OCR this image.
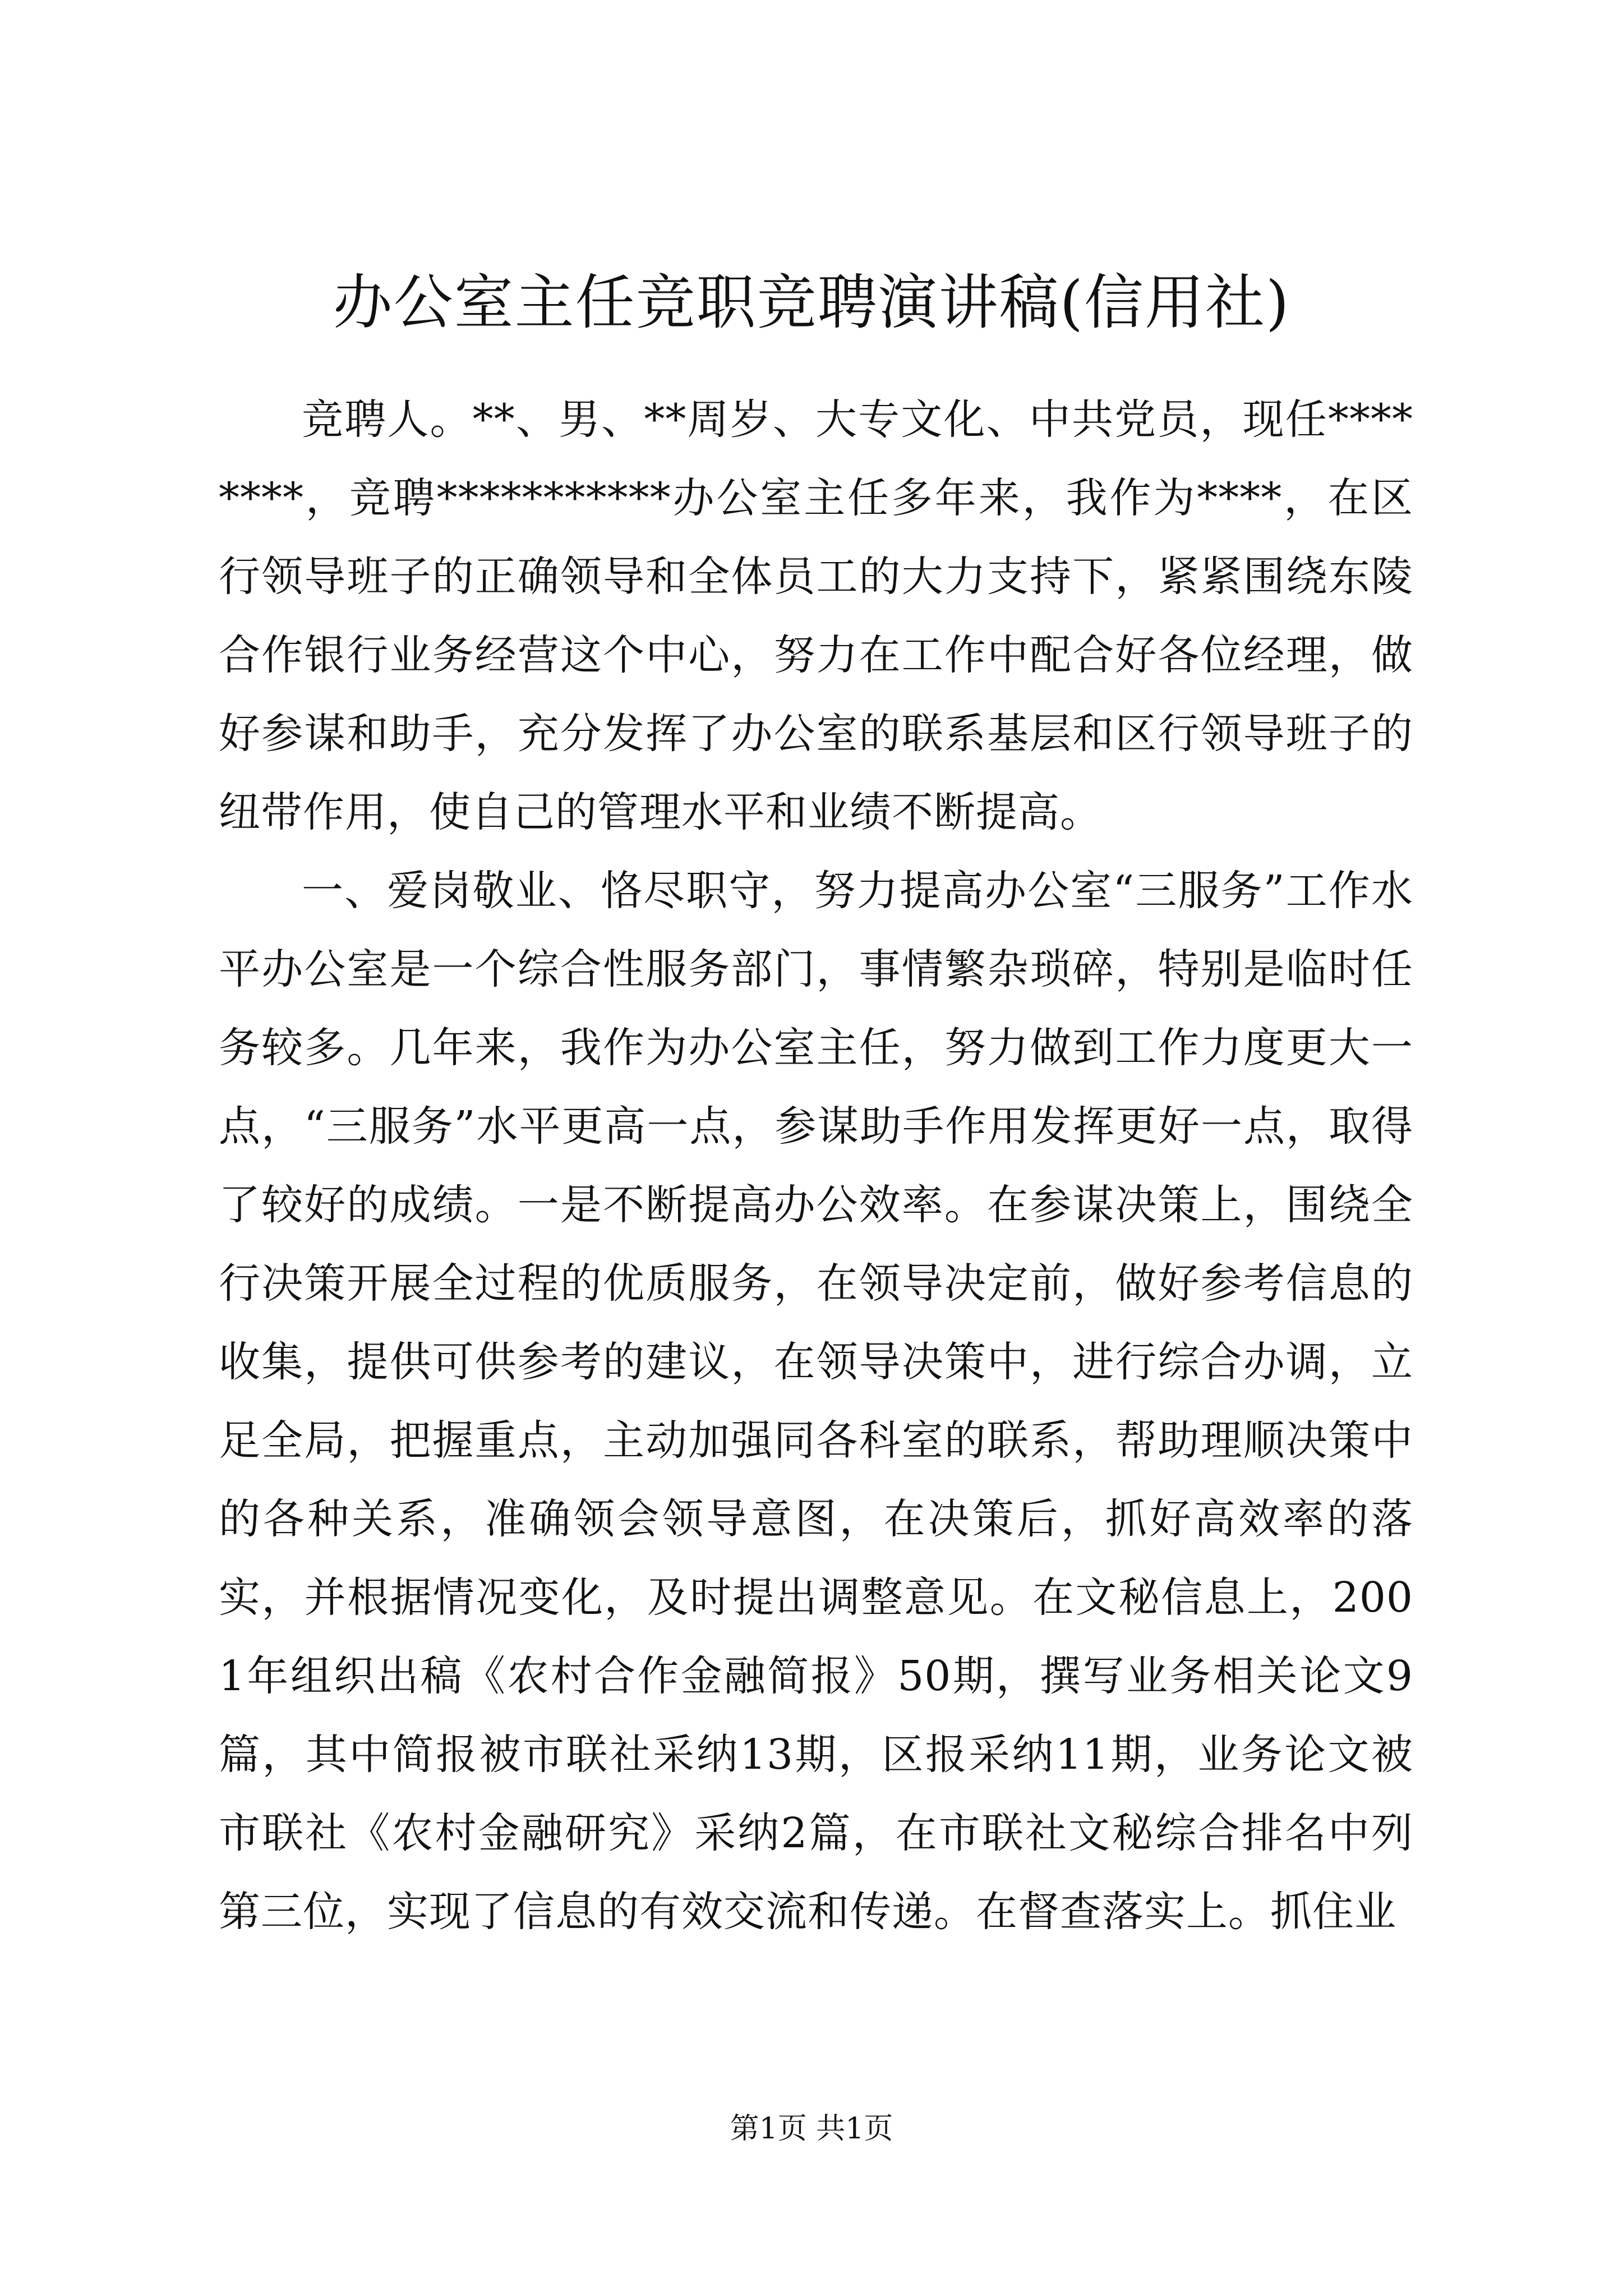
办公室主任竞职竞聘演讲稿(信用社)

竞聘人。**、男、**周岁、大专文化、中共党员，现任********，竞聘***********办公室主任多年来，我作为****，在区行领导班子的正确领导和全体员工的大力支持下，紧紧围绕东陵合作银行业务经营这个中心，努力在工作中配合好各位经理，做好参谋和助手，充分发挥了办公室的联系基层和区行领导班子的纽带作用，使自己的管理水平和业绩不断提高。

一、爱岗敬业、恪尽职守，努力提高办公室“三服务”工作水平办公室是一个综合性服务部门，事情繁杂琐碎，特别是临时任务较多。几年来，我作为办公室主任，努力做到工作力度更大一点，“三服务”水平更高一点，参谋助手作用发挥更好一点，取得了较好的成绩。一是不断提高办公效率。在参谋决策上，围绕全行决策开展全过程的优质服务，在领导决定前，做好参考信息的收集，提供可供参考的建议，在领导决策中，进行综合办调，立足全局，把握重点，主动加强同各科室的联系，帮助理顺决策中的各种关系，准确领会领导意图，在决策后，抓好高效率的落实，并根据情况变化，及时提出调整意见。在文秘信息上，2001年组织出稿《农村合作金融简报》50期，撰写业务相关论文9篇，其中简报被市联社采纳13期，区报采纳11期，业务论文被市联社《农村金融研究》采纳2篇，在市联社文秘综合排名中列第三位，实现了信息的有效交流和传递。在督查落实上。抓住业

第1页 共1页
